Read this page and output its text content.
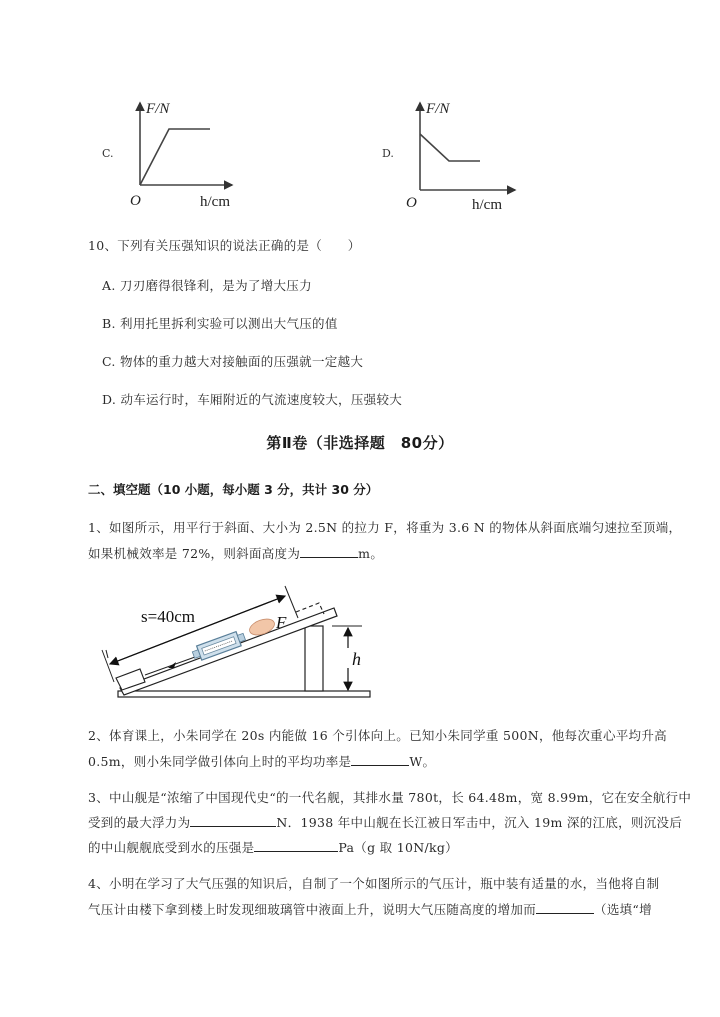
C.
F/N
O	h/cm
D.
F/N
O	h/cm
10、下列有关压强知识的说法正确的是（　　）
A. 刀刃磨得很锋利，是为了增大压力
B. 利用托里拆利实验可以测出大气压的值
C. 物体的重力越大对接触面的压强就一定越大
D. 动车运行时，车厢附近的气流速度较大，压强较大
第Ⅱ卷（非选择题　80分）
二、填空题（10 小题，每小题 3 分，共计 30 分）
1、如图所示，用平行于斜面、大小为 2.5N 的拉力 F，将重为 3.6 N 的物体从斜面底端匀速拉至顶端，
如果机械效率是 72%，则斜面高度为	m。
s=40cm	F
h
2、体育课上，小朱同学在 20s 内能做 16 个引体向上。已知小朱同学重 500N，他每次重心平均升高
0.5m，则小朱同学做引体向上时的平均功率是	W。
3、中山舰是“浓缩了中国现代史“的一代名舰，其排水量 780t，长 64.48m，宽 8.99m，它在安全航行中
受到的最大浮力为	N．1938 年中山舰在长江被日军击中，沉入 19m 深的江底，则沉没后
的中山舰舰底受到水的压强是	Pa（g 取 10N/kg）
4、小明在学习了大气压强的知识后，自制了一个如图所示的气压计，瓶中装有适量的水，当他将自制
气压计由楼下拿到楼上时发现细玻璃管中液面上升，说明大气压随高度的增加而	（选填“增
